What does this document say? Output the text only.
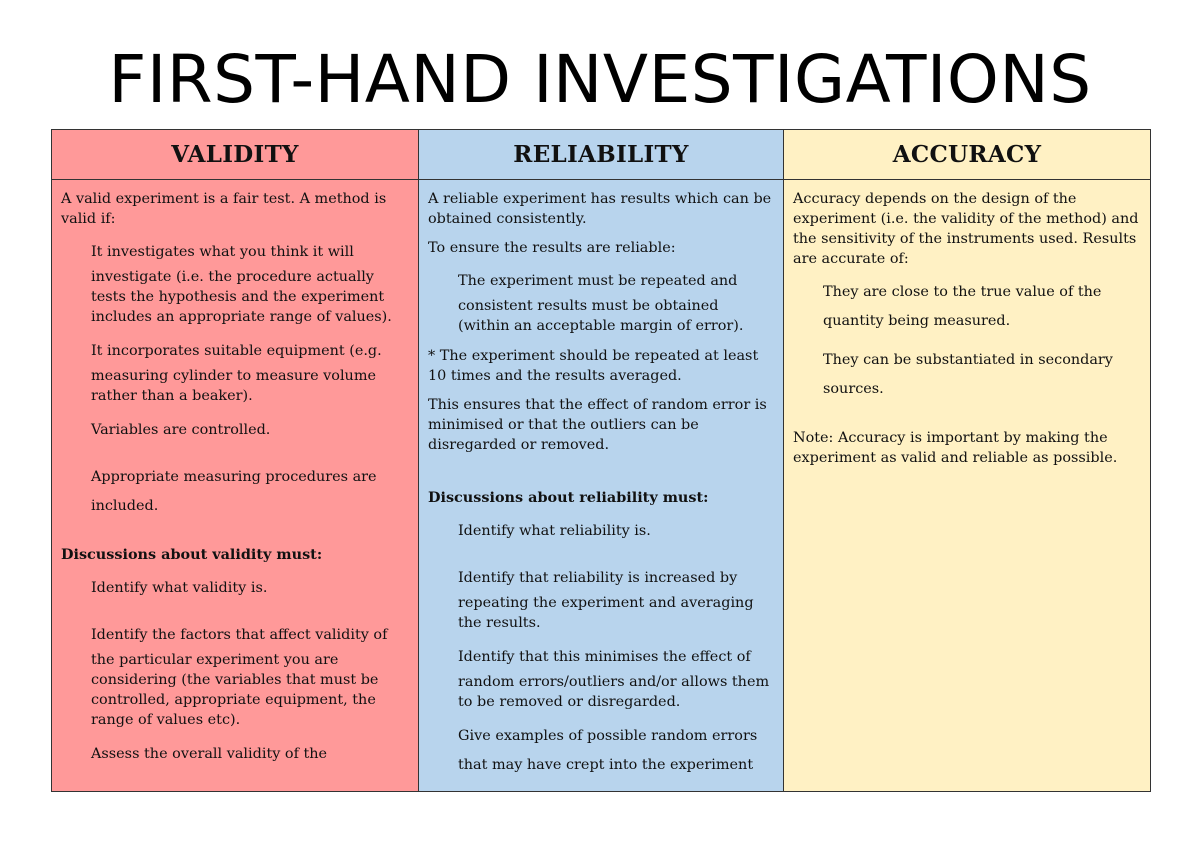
FIRST-HAND INVESTIGATIONS
VALIDITY
A valid experiment is a fair test. A method is valid if:
It investigates what you think it will
investigate (i.e. the procedure actually tests the hypothesis and the experiment includes an appropriate range of values).
It incorporates suitable equipment (e.g.
measuring cylinder to measure volume rather than a beaker).
Variables are controlled.
Appropriate measuring procedures are
included.
Discussions about validity must:
Identify what validity is.
Identify the factors that affect validity of
the particular experiment you are considering (the variables that must be controlled, appropriate equipment, the range of values etc).
Assess the overall validity of the
RELIABILITY
A reliable experiment has results which can be obtained consistently.
To ensure the results are reliable:
The experiment must be repeated and
consistent results must be obtained (within an acceptable margin of error).
* The experiment should be repeated at least 10 times and the results averaged.
This ensures that the effect of random error is minimised or that the outliers can be disregarded or removed.
Discussions about reliability must:
Identify what reliability is.
Identify that reliability is increased by
repeating the experiment and averaging the results.
Identify that this minimises the effect of
random errors/outliers and/or allows them to be removed or disregarded.
Give examples of possible random errors
that may have crept into the experiment
ACCURACY
Accuracy depends on the design of the experiment (i.e. the validity of the method) and the sensitivity of the instruments used. Results are accurate of:
They are close to the true value of the
quantity being measured.
They can be substantiated in secondary
sources.
Note: Accuracy is important by making the experiment as valid and reliable as possible.
